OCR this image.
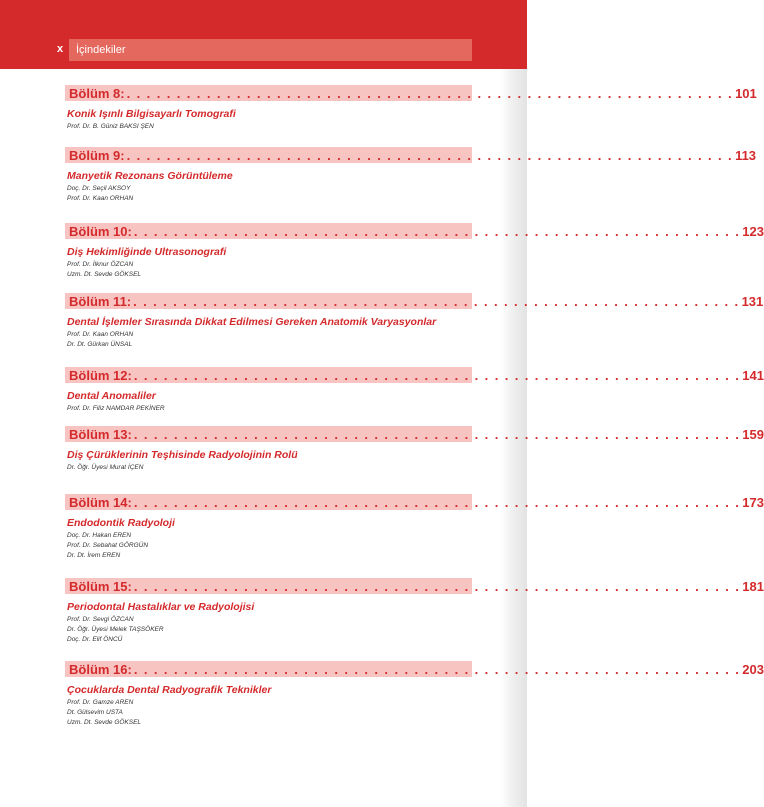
x	İçindekiler
Bölüm 8: . . . . . . . . . . . . . . . . . . . . . . . . . . . . . . . . . . . . . . . . . . . . . . . . . . . . . . . . . . . . . 101
Konik Işınlı Bilgisayarlı Tomografi
Prof. Dr. B. Güniz BAKSI ŞEN
Bölüm 9: . . . . . . . . . . . . . . . . . . . . . . . . . . . . . . . . . . . . . . . . . . . . . . . . . . . . . . . . . . . . . 113
Manyetik Rezonans Görüntüleme
Doç. Dr. Seçil AKSOY
Prof. Dr. Kaan ORHAN
Bölüm 10: . . . . . . . . . . . . . . . . . . . . . . . . . . . . . . . . . . . . . . . . . . . . . . . . . . . . . . . . . . . . . 123
Diş Hekimliğinde Ultrasonografi
Prof. Dr. İlknur ÖZCAN
Uzm. Dt. Sevde GÖKSEL
Bölüm 11: . . . . . . . . . . . . . . . . . . . . . . . . . . . . . . . . . . . . . . . . . . . . . . . . . . . . . . . . . . . . . 131
Dental İşlemler Sırasında Dikkat Edilmesi Gereken Anatomik Varyasyonlar
Prof. Dr. Kaan ORHAN
Dr. Dt. Gürkan ÜNSAL
Bölüm 12: . . . . . . . . . . . . . . . . . . . . . . . . . . . . . . . . . . . . . . . . . . . . . . . . . . . . . . . . . . . . . 141
Dental Anomaliler
Prof. Dr. Filiz NAMDAR PEKİNER
Bölüm 13: . . . . . . . . . . . . . . . . . . . . . . . . . . . . . . . . . . . . . . . . . . . . . . . . . . . . . . . . . . . . . 159
Diş Çürüklerinin Teşhisinde Radyolojinin Rolü
Dr. Öğr. Üyesi Murat İÇEN
Bölüm 14: . . . . . . . . . . . . . . . . . . . . . . . . . . . . . . . . . . . . . . . . . . . . . . . . . . . . . . . . . . . . . 173
Endodontik Radyoloji
Doç. Dr. Hakan EREN
Prof. Dr. Sebahat GÖRGÜN
Dr. Dt. İrem EREN
Bölüm 15: . . . . . . . . . . . . . . . . . . . . . . . . . . . . . . . . . . . . . . . . . . . . . . . . . . . . . . . . . . . . . 181
Periodontal Hastalıklar ve Radyolojisi
Prof. Dr. Sevgi ÖZCAN
Dr. Öğr. Üyesi Melek TAŞSÖKER
Doç. Dr. Elif ÖNCÜ
Bölüm 16: . . . . . . . . . . . . . . . . . . . . . . . . . . . . . . . . . . . . . . . . . . . . . . . . . . . . . . . . . . . . . 203
Çocuklarda Dental Radyografik Teknikler
Prof. Dr. Gamze AREN
Dt. Gülsevim USTA
Uzm. Dt. Sevde GÖKSEL
